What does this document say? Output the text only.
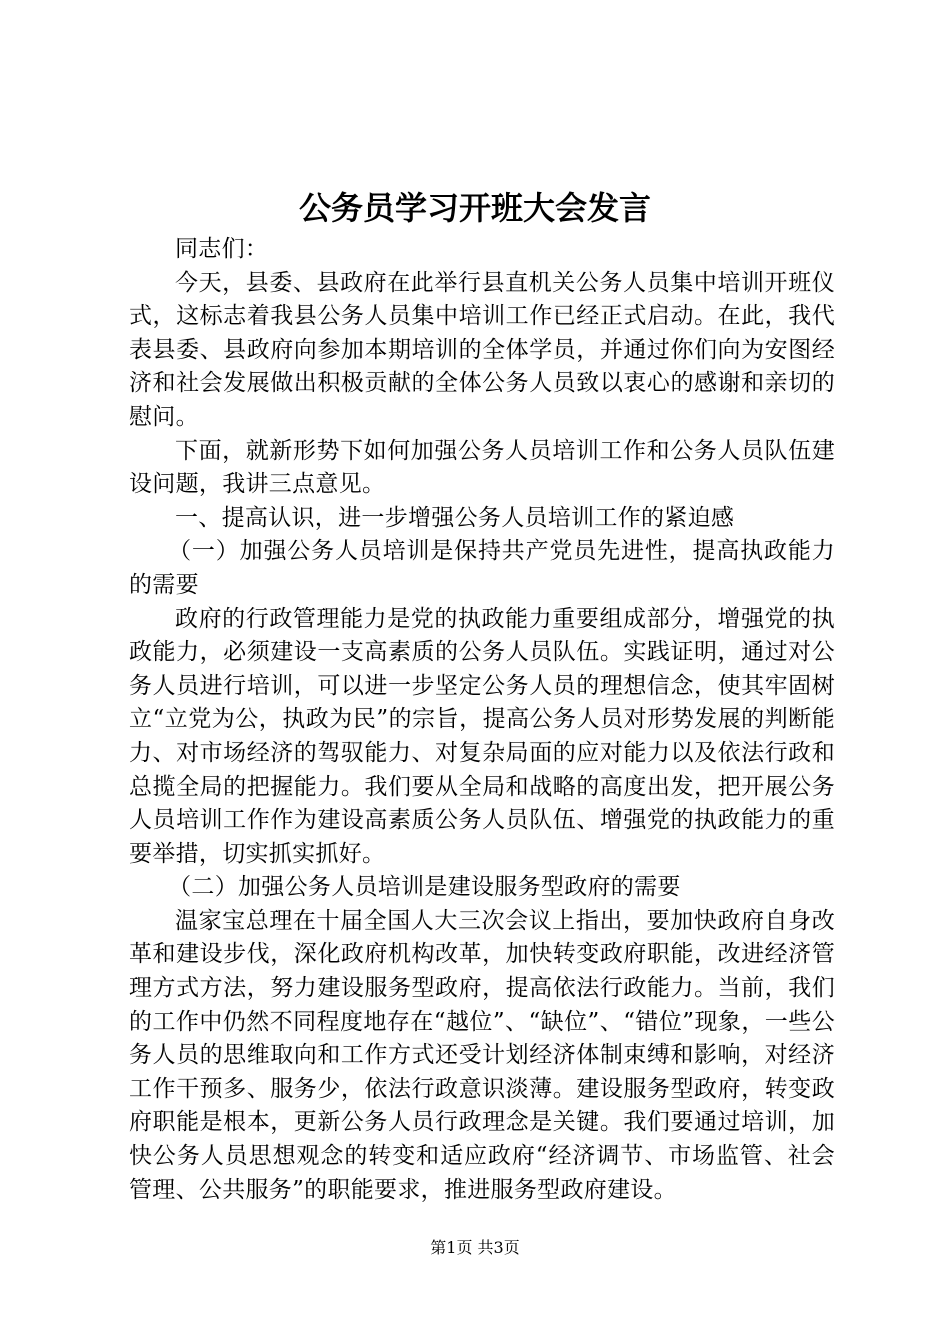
公务员学习开班大会发言

同志们：

今天，县委、县政府在此举行县直机关公务人员集中培训开班仪式，这标志着我县公务人员集中培训工作已经正式启动。在此，我代表县委、县政府向参加本期培训的全体学员，并通过你们向为安图经济和社会发展做出积极贡献的全体公务人员致以衷心的感谢和亲切的慰问。

下面，就新形势下如何加强公务人员培训工作和公务人员队伍建设问题，我讲三点意见。

一、提高认识，进一步增强公务人员培训工作的紧迫感

（一）加强公务人员培训是保持共产党员先进性，提高执政能力的需要

政府的行政管理能力是党的执政能力重要组成部分，增强党的执政能力，必须建设一支高素质的公务人员队伍。实践证明，通过对公务人员进行培训，可以进一步坚定公务人员的理想信念，使其牢固树立“立党为公，执政为民”的宗旨，提高公务人员对形势发展的判断能力、对市场经济的驾驭能力、对复杂局面的应对能力以及依法行政和总揽全局的把握能力。我们要从全局和战略的高度出发，把开展公务人员培训工作作为建设高素质公务人员队伍、增强党的执政能力的重要举措，切实抓实抓好。

（二）加强公务人员培训是建设服务型政府的需要

温家宝总理在十届全国人大三次会议上指出，要加快政府自身改革和建设步伐，深化政府机构改革，加快转变政府职能，改进经济管理方式方法，努力建设服务型政府，提高依法行政能力。当前，我们的工作中仍然不同程度地存在“越位”、“缺位”、“错位”现象，一些公务人员的思维取向和工作方式还受计划经济体制束缚和影响，对经济工作干预多、服务少，依法行政意识淡薄。建设服务型政府，转变政府职能是根本，更新公务人员行政理念是关键。我们要通过培训，加快公务人员思想观念的转变和适应政府“经济调节、市场监管、社会管理、公共服务”的职能要求，推进服务型政府建设。

第1页 共3页
